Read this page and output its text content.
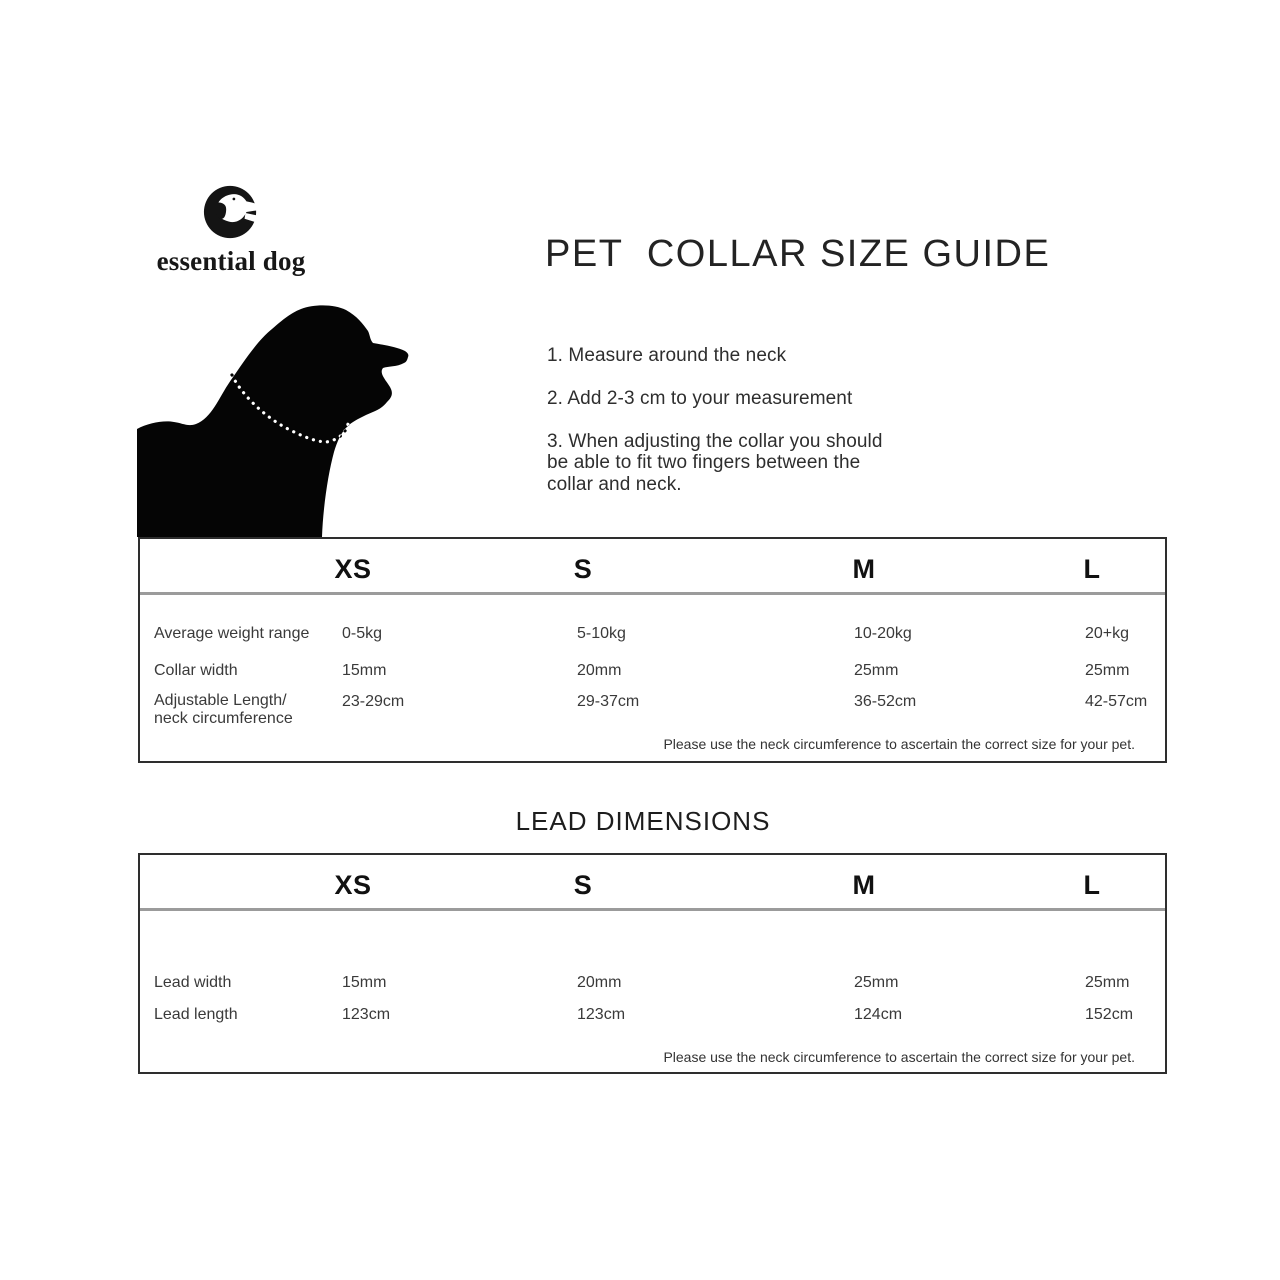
essential dog	PET  COLLAR SIZE GUIDE

1. Measure around the neck

2. Add 2-3 cm to your measurement

3. When adjusting the collar you should
be able to fit two fingers between the
collar and neck.

XS	S	M	L
Average weight range 0-5kg	5-10kg	10-20kg	20+kg
Collar width	15mm	20mm	25mm	25mm
Adjustable Length/
neck circumference
23-29cm	29-37cm	36-52cm	42-57cm
Please use the neck circumference to ascertain the correct size for your pet.
LEAD DIMENSIONS
XS	S	M	L
Lead width	15mm	20mm	25mm	25mm
Lead length	123cm	123cm	124cm	152cm
Please use the neck circumference to ascertain the correct size for your pet.
